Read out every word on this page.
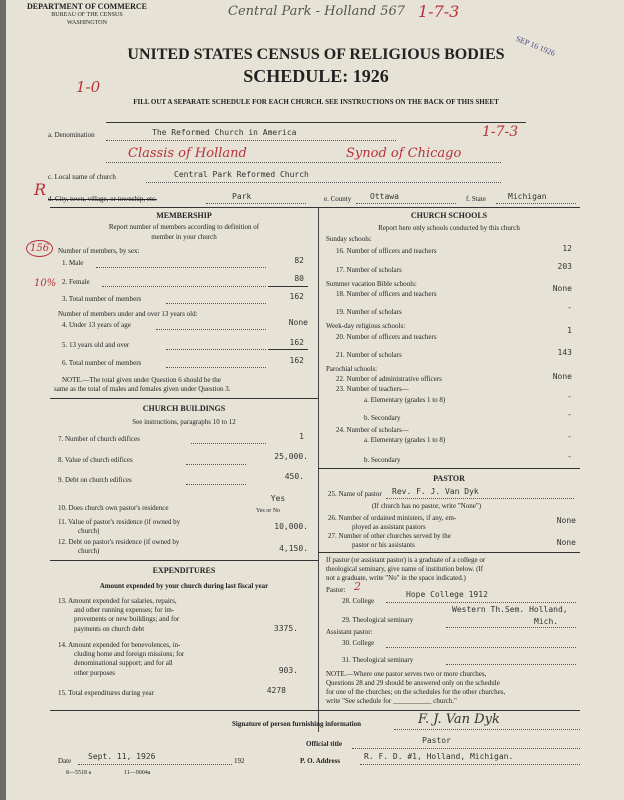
DEPARTMENT OF COMMERCE
BUREAU OF THE CENSUS
WASHINGTON
Central Park - Holland 567 1-7-3
SEP 16 1926
UNITED STATES CENSUS OF RELIGIOUS BODIES
SCHEDULE: 1926
1-0
FILL OUT A SEPARATE SCHEDULE FOR EACH CHURCH. SEE INSTRUCTIONS ON THE BACK OF THIS SHEET
a. Denomination	The Reformed Church in America	1-7-3
Classis of Holland	Synod of Chicago
c. Local name of church	Central Park Reformed Church
R d. City, town, village, or township, etc.	Park	e. County Ottawa	f. State	Michigan
MEMBERSHIP
Report number of members according to definition of
member in your church
Number of members, by sex:
156
10%
1. Male	82
2. Female	80
3. Total number of members	162
Number of members under and over 13 years old:
4. Under 13 years of age	None
5. 13 years old and over	162
6. Total number of members	162
NOTE.—The total given under Question 6 should be the
same as the total of males and females given under Question 3.
CHURCH BUILDINGS
See instructions, paragraphs 10 to 12
7. Number of church edifices	1
8. Value of church edifices	25,000.
9. Debt on church edifices	450.
10. Does church own pastor's residence
Yes
Yes or No
11. Value of pastor's residence (if owned by
church)	10,000.
12. Debt on pastor's residence (if owned by
church)	4,150.
EXPENDITURES
Amount expended by your church during last fiscal year
13. Amount expended for salaries, repairs,
and other running expenses; for im-
provements or new buildings; and for
payments on church debt	3375.
14. Amount expended for benevolences, in-
cluding home and foreign missions; for
denominational support; and for all
other purposes	903.
15. Total expenditures during year	4278
CHURCH SCHOOLS
Report here only schools conducted by this church
Sunday schools:
16. Number of officers and teachers	12
17. Number of scholars	203
Summer vacation Bible schools:
18. Number of officers and teachers
None
19. Number of scholars	-
Week-day religious schools:
20. Number of officers and teachers
1
21. Number of scholars	143
Parochial schools:
22. Number of administrative officers	None
23. Number of teachers—
a. Elementary (grades 1 to 8)	-
b. Secondary	-
24. Number of scholars—
a. Elementary (grades 1 to 8)	-
b. Secondary	-
PASTOR
25. Name of pastor Rev. F. J. Van Dyk
(If church has no pastor, write "None")
26. Number of ordained ministers, if any, em-
ployed as assistant pastors
None
27. Number of other churches served by the
pastor or his assistants	None
If pastor (or assistant pastor) is a graduate of a college or
theological seminary, give name of institution below. (If
not a graduate, write "No" in the space indicated.)
Pastor: 2
28. College
Hope College 1912
29. Theological seminary
Western Th.Sem. Holland,
Mich.
Assistant pastor:
30. College
31. Theological seminary
NOTE.—Where one pastor serves two or more churches,
Questions 28 and 29 should be answered only on the schedule
for one of the churches; on the schedules for the other churches,
write "See schedule for ___________ church."
Signature of person furnishing information	F. J. Van Dyk
Official title	Pastor
Date Sept. 11, 1926	192	P. O. Address	R. F. D. #1, Holland, Michigan.
8—5518 a	11—9004a
